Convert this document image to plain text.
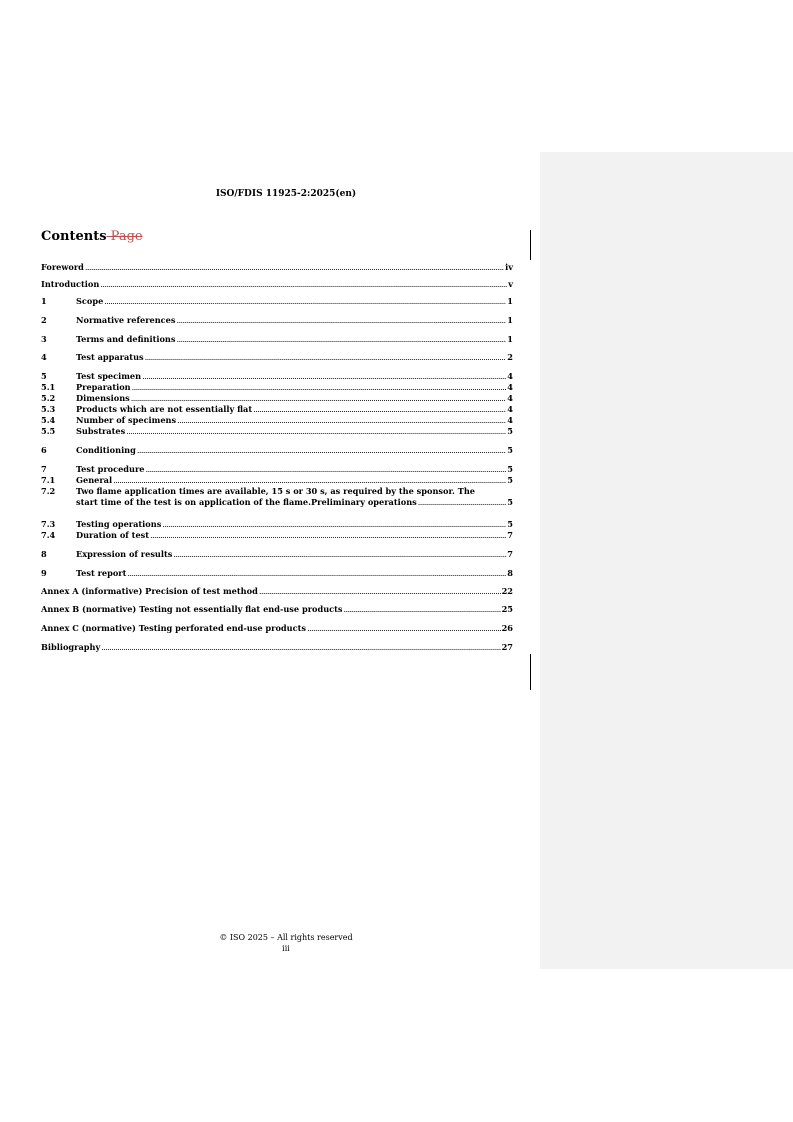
ISO/FDIS 11925-2:2025(en)
Contents Page
Foreword .....	iv
Introduction .....	v
1	Scope .....	1
2	Normative references .....	1
3	Terms and definitions .....	1
4	Test apparatus .....	2
5	Test specimen .....	4
5.1	Preparation .....	4
5.2	Dimensions .....	4
5.3	Products which are not essentially flat .....	4
5.4	Number of specimens .....	4
5.5	Substrates .....	5
6	Conditioning .....	5
7	Test procedure .....	5
7.1	General .....	5
7.2	Two flame application times are available, 15 s or 30 s, as required by the sponsor. The
start time of the test is on application of the flame.Preliminary operations .....	5
7.3	Testing operations .....	5
7.4	Duration of test .....	7
8	Expression of results .....	7
9	Test report .....	8
Annex A (informative) Precision of test method .....	22
Annex B (normative) Testing not essentially flat end-use products .....	25
Annex C (normative) Testing perforated end-use products .....	26
Bibliography .....	27
© ISO 2025 – All rights reserved
iii
